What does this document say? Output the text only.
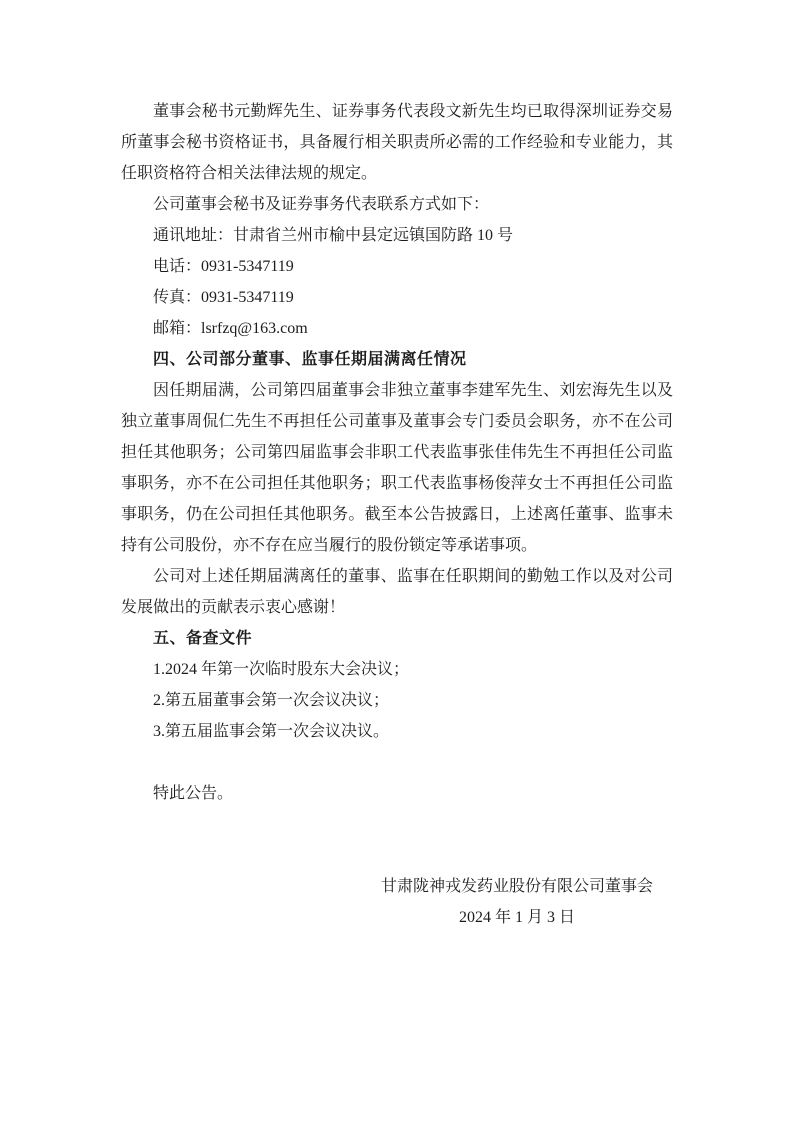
董事会秘书元勤辉先生、证券事务代表段文新先生均已取得深圳证券交易所董事会秘书资格证书，具备履行相关职责所必需的工作经验和专业能力，其任职资格符合相关法律法规的规定。

公司董事会秘书及证券事务代表联系方式如下：

通讯地址：甘肃省兰州市榆中县定远镇国防路 10 号

电话：0931-5347119

传真：0931-5347119

邮箱：lsrfzq@163.com

四、公司部分董事、监事任期届满离任情况

因任期届满，公司第四届董事会非独立董事李建军先生、刘宏海先生以及独立董事周侃仁先生不再担任公司董事及董事会专门委员会职务，亦不在公司担任其他职务；公司第四届监事会非职工代表监事张佳伟先生不再担任公司监事职务，亦不在公司担任其他职务；职工代表监事杨俊萍女士不再担任公司监事职务，仍在公司担任其他职务。截至本公告披露日，上述离任董事、监事未持有公司股份，亦不存在应当履行的股份锁定等承诺事项。

公司对上述任期届满离任的董事、监事在任职期间的勤勉工作以及对公司发展做出的贡献表示衷心感谢！

五、备查文件

1.2024 年第一次临时股东大会决议；

2.第五届董事会第一次会议决议；

3.第五届监事会第一次会议决议。

特此公告。

甘肃陇神戎发药业股份有限公司董事会

2024 年 1 月 3 日
